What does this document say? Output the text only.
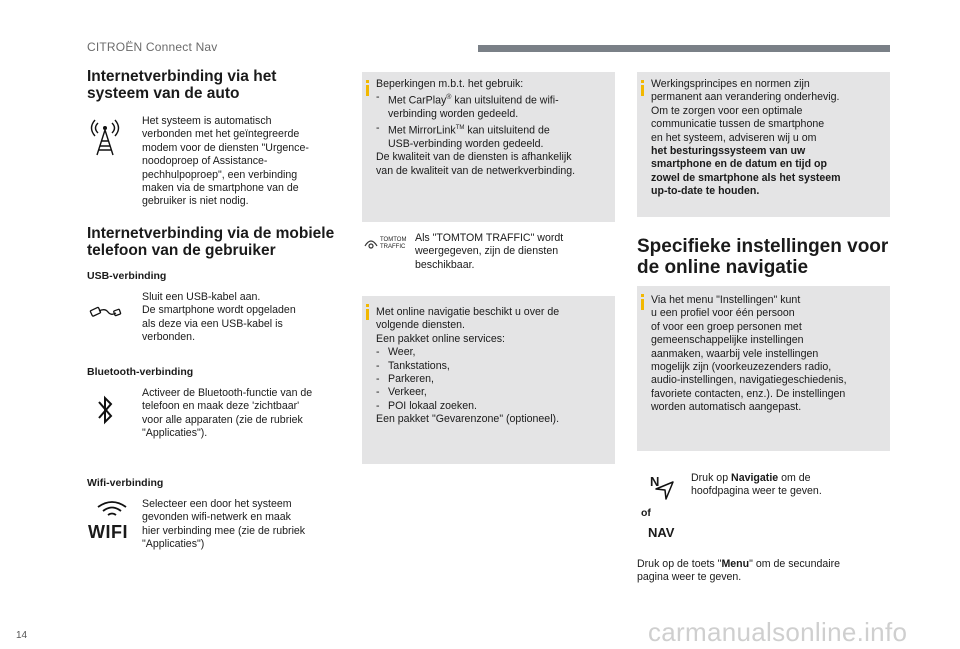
CITROËN Connect Nav
Internetverbinding via het
systeem van de auto
Het systeem is automatisch
verbonden met het geïntegreerde
modem voor de diensten "Urgence-
noodoproep of Assistance-
pechhulpoproep", een verbinding
maken via de smartphone van de
gebruiker is niet nodig.
Internetverbinding via de mobiele
telefoon van de gebruiker
USB-verbinding
Sluit een USB-kabel aan.
De smartphone wordt opgeladen
als deze via een USB-kabel is
verbonden.
Bluetooth-verbinding
Activeer de Bluetooth-functie van de
telefoon en maak deze 'zichtbaar'
voor alle apparaten (zie de rubriek
"Applicaties").
Wifi-verbinding
WIFI
Selecteer een door het systeem
gevonden wifi-netwerk en maak
hier verbinding mee (zie de rubriek
"Applicaties")
Beperkingen m.b.t. het gebruik:
- Met CarPlay® kan uitsluitend de wifi-
verbinding worden gedeeld.
- Met MirrorLink™ kan uitsluitend de
USB-verbinding worden gedeeld.
De kwaliteit van de diensten is afhankelijk
van de kwaliteit van de netwerkverbinding.
TOMTOM
TRAFFIC
Als "TOMTOM TRAFFIC" wordt
weergegeven, zijn de diensten
beschikbaar.
Met online navigatie beschikt u over de
volgende diensten.
Een pakket online services:
- Weer,
- Tankstations,
- Parkeren,
- Verkeer,
- POI lokaal zoeken.
Een pakket "Gevarenzone" (optioneel).
Werkingsprincipes en normen zijn
permanent aan verandering onderhevig.
Om te zorgen voor een optimale
communicatie tussen de smartphone
en het systeem, adviseren wij u om
het besturingssysteem van uw
smartphone en de datum en tijd op
zowel de smartphone als het systeem
up-to-date te houden.
Specifieke instellingen voor
de online navigatie
Via het menu "Instellingen" kunt
u een profiel voor één persoon
of voor een groep personen met
gemeenschappelijke instellingen
aanmaken, waarbij vele instellingen
mogelijk zijn (voorkeuzezenders radio,
audio-instellingen, navigatiegeschiedenis,
favoriete contacten, enz.). De instellingen
worden automatisch aangepast.
N
of
NAV
Druk op Navigatie om de
hoofdpagina weer te geven.
Druk op de toets "Menu" om de secundaire
pagina weer te geven.
14	carmanualsonline.info
